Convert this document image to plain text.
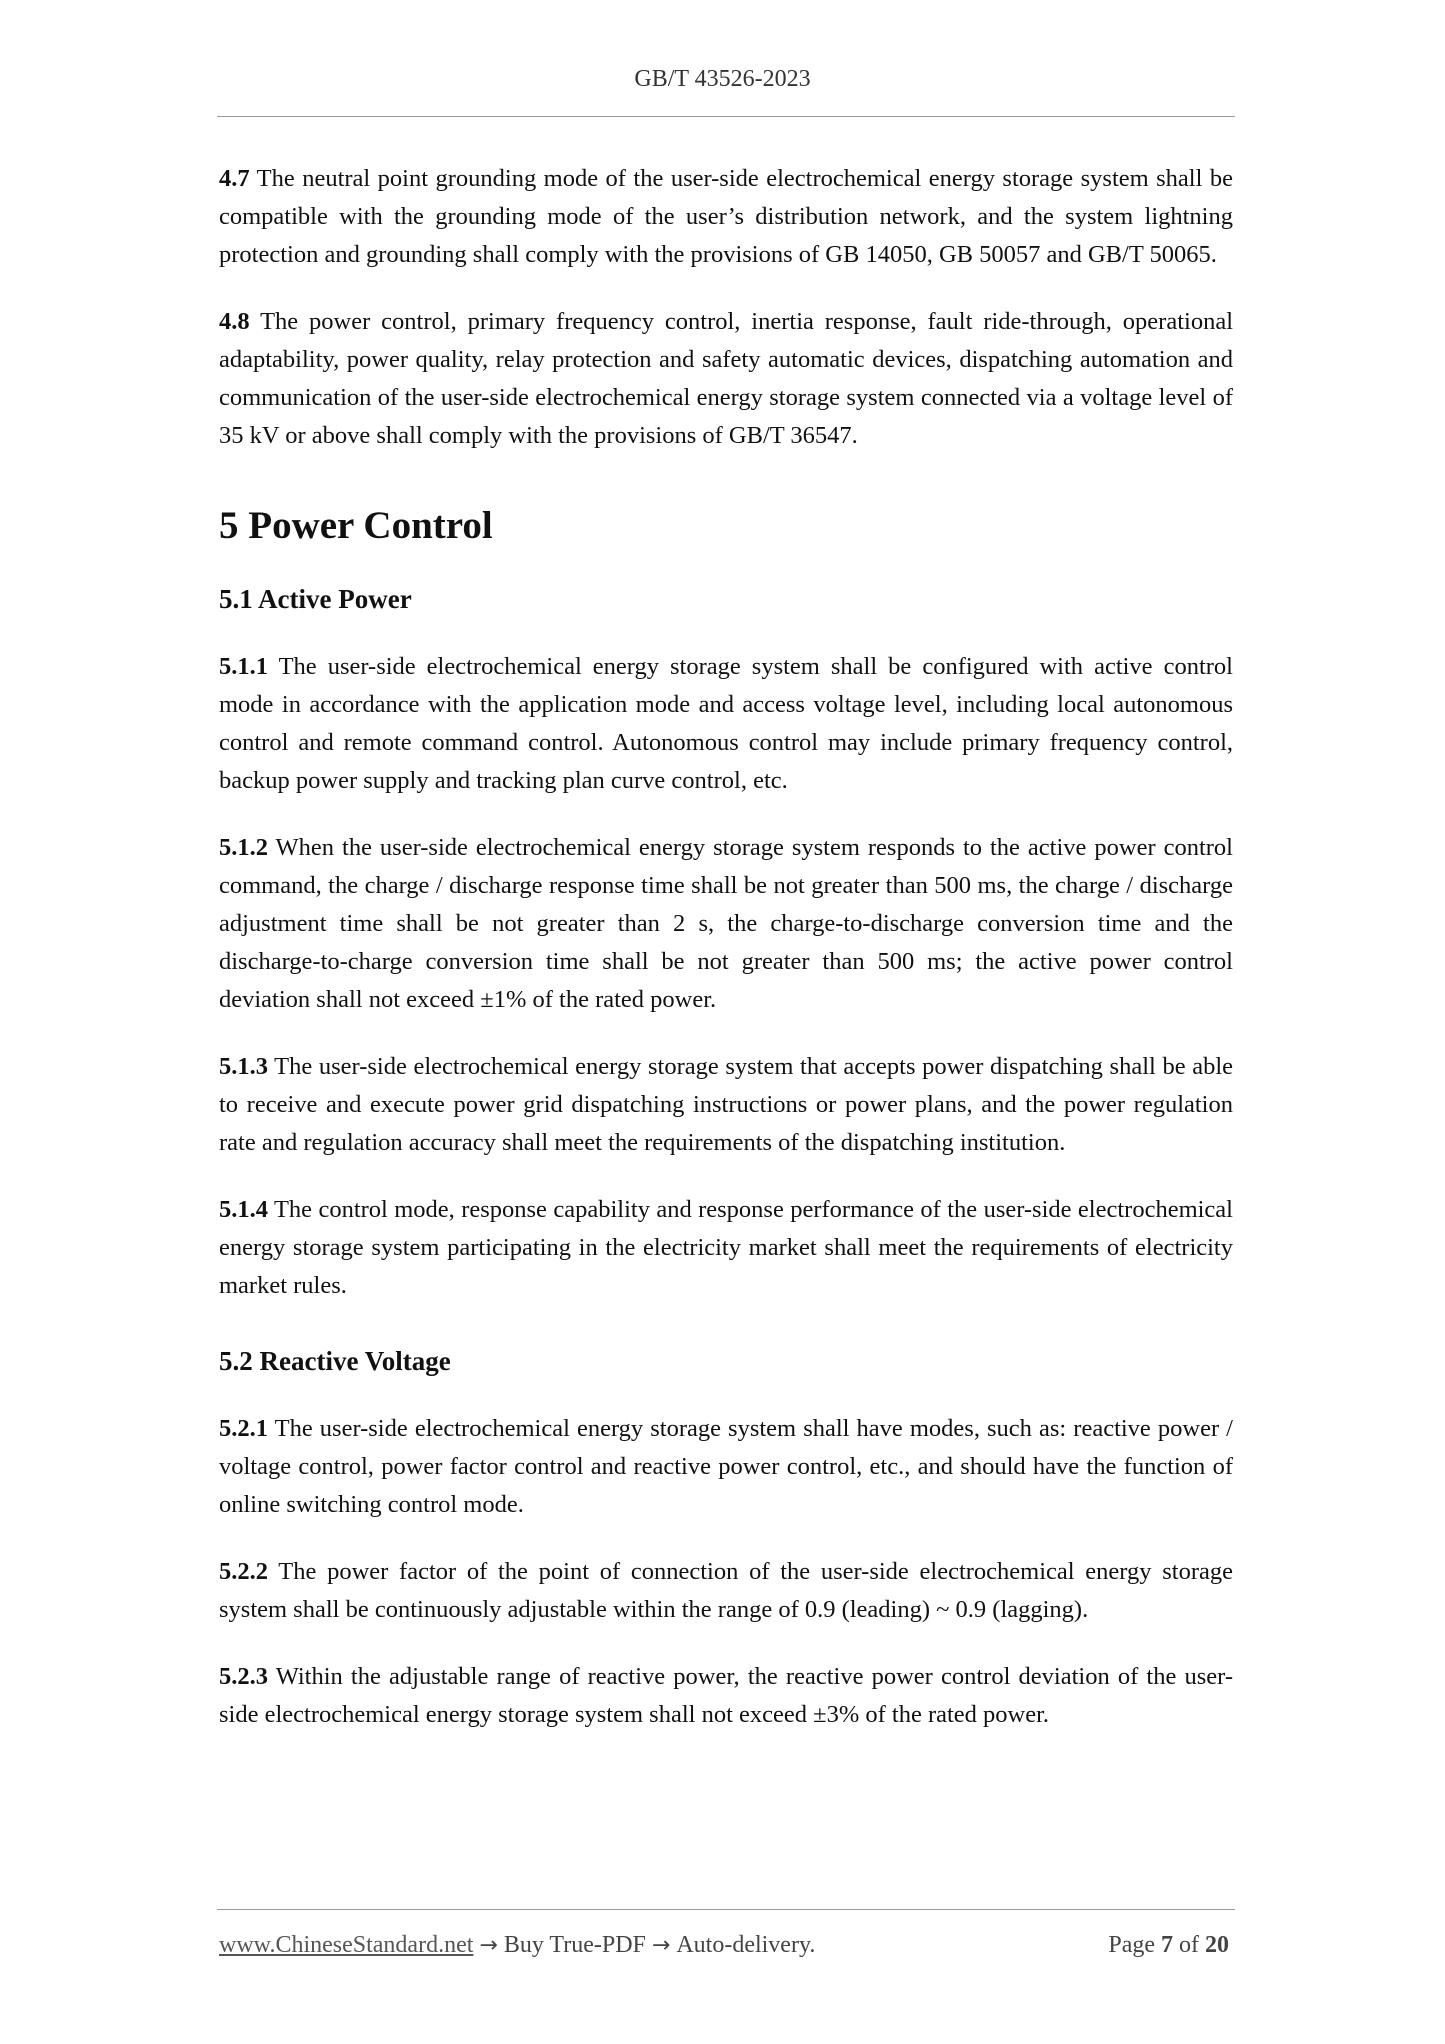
GB/T 43526-2023

4.7 The neutral point grounding mode of the user-side electrochemical energy storage system shall be compatible with the grounding mode of the user’s distribution network, and the system lightning protection and grounding shall comply with the provisions of GB 14050, GB 50057 and GB/T 50065.

4.8 The power control, primary frequency control, inertia response, fault ride-through, operational adaptability, power quality, relay protection and safety automatic devices, dispatching automation and communication of the user-side electrochemical energy storage system connected via a voltage level of 35 kV or above shall comply with the provisions of GB/T 36547.

5 Power Control
5.1 Active Power

5.1.1 The user-side electrochemical energy storage system shall be configured with active control mode in accordance with the application mode and access voltage level, including local autonomous control and remote command control. Autonomous control may include primary frequency control, backup power supply and tracking plan curve control, etc.

5.1.2 When the user-side electrochemical energy storage system responds to the active power control command, the charge / discharge response time shall be not greater than 500 ms, the charge / discharge adjustment time shall be not greater than 2 s, the charge-to-discharge conversion time and the discharge-to-charge conversion time shall be not greater than 500 ms; the active power control deviation shall not exceed ±1% of the rated power.

5.1.3 The user-side electrochemical energy storage system that accepts power dispatching shall be able to receive and execute power grid dispatching instructions or power plans, and the power regulation rate and regulation accuracy shall meet the requirements of the dispatching institution.

5.1.4 The control mode, response capability and response performance of the user-side electrochemical energy storage system participating in the electricity market shall meet the requirements of electricity market rules.

5.2 Reactive Voltage

5.2.1 The user-side electrochemical energy storage system shall have modes, such as: reactive power / voltage control, power factor control and reactive power control, etc., and should have the function of online switching control mode.

5.2.2 The power factor of the point of connection of the user-side electrochemical energy storage system shall be continuously adjustable within the range of 0.9 (leading) ~ 0.9 (lagging).

5.2.3 Within the adjustable range of reactive power, the reactive power control deviation of the user-side electrochemical energy storage system shall not exceed ±3% of the rated power.

www.ChineseStandard.net → Buy True-PDF → Auto-delivery.	Page 7 of 20
